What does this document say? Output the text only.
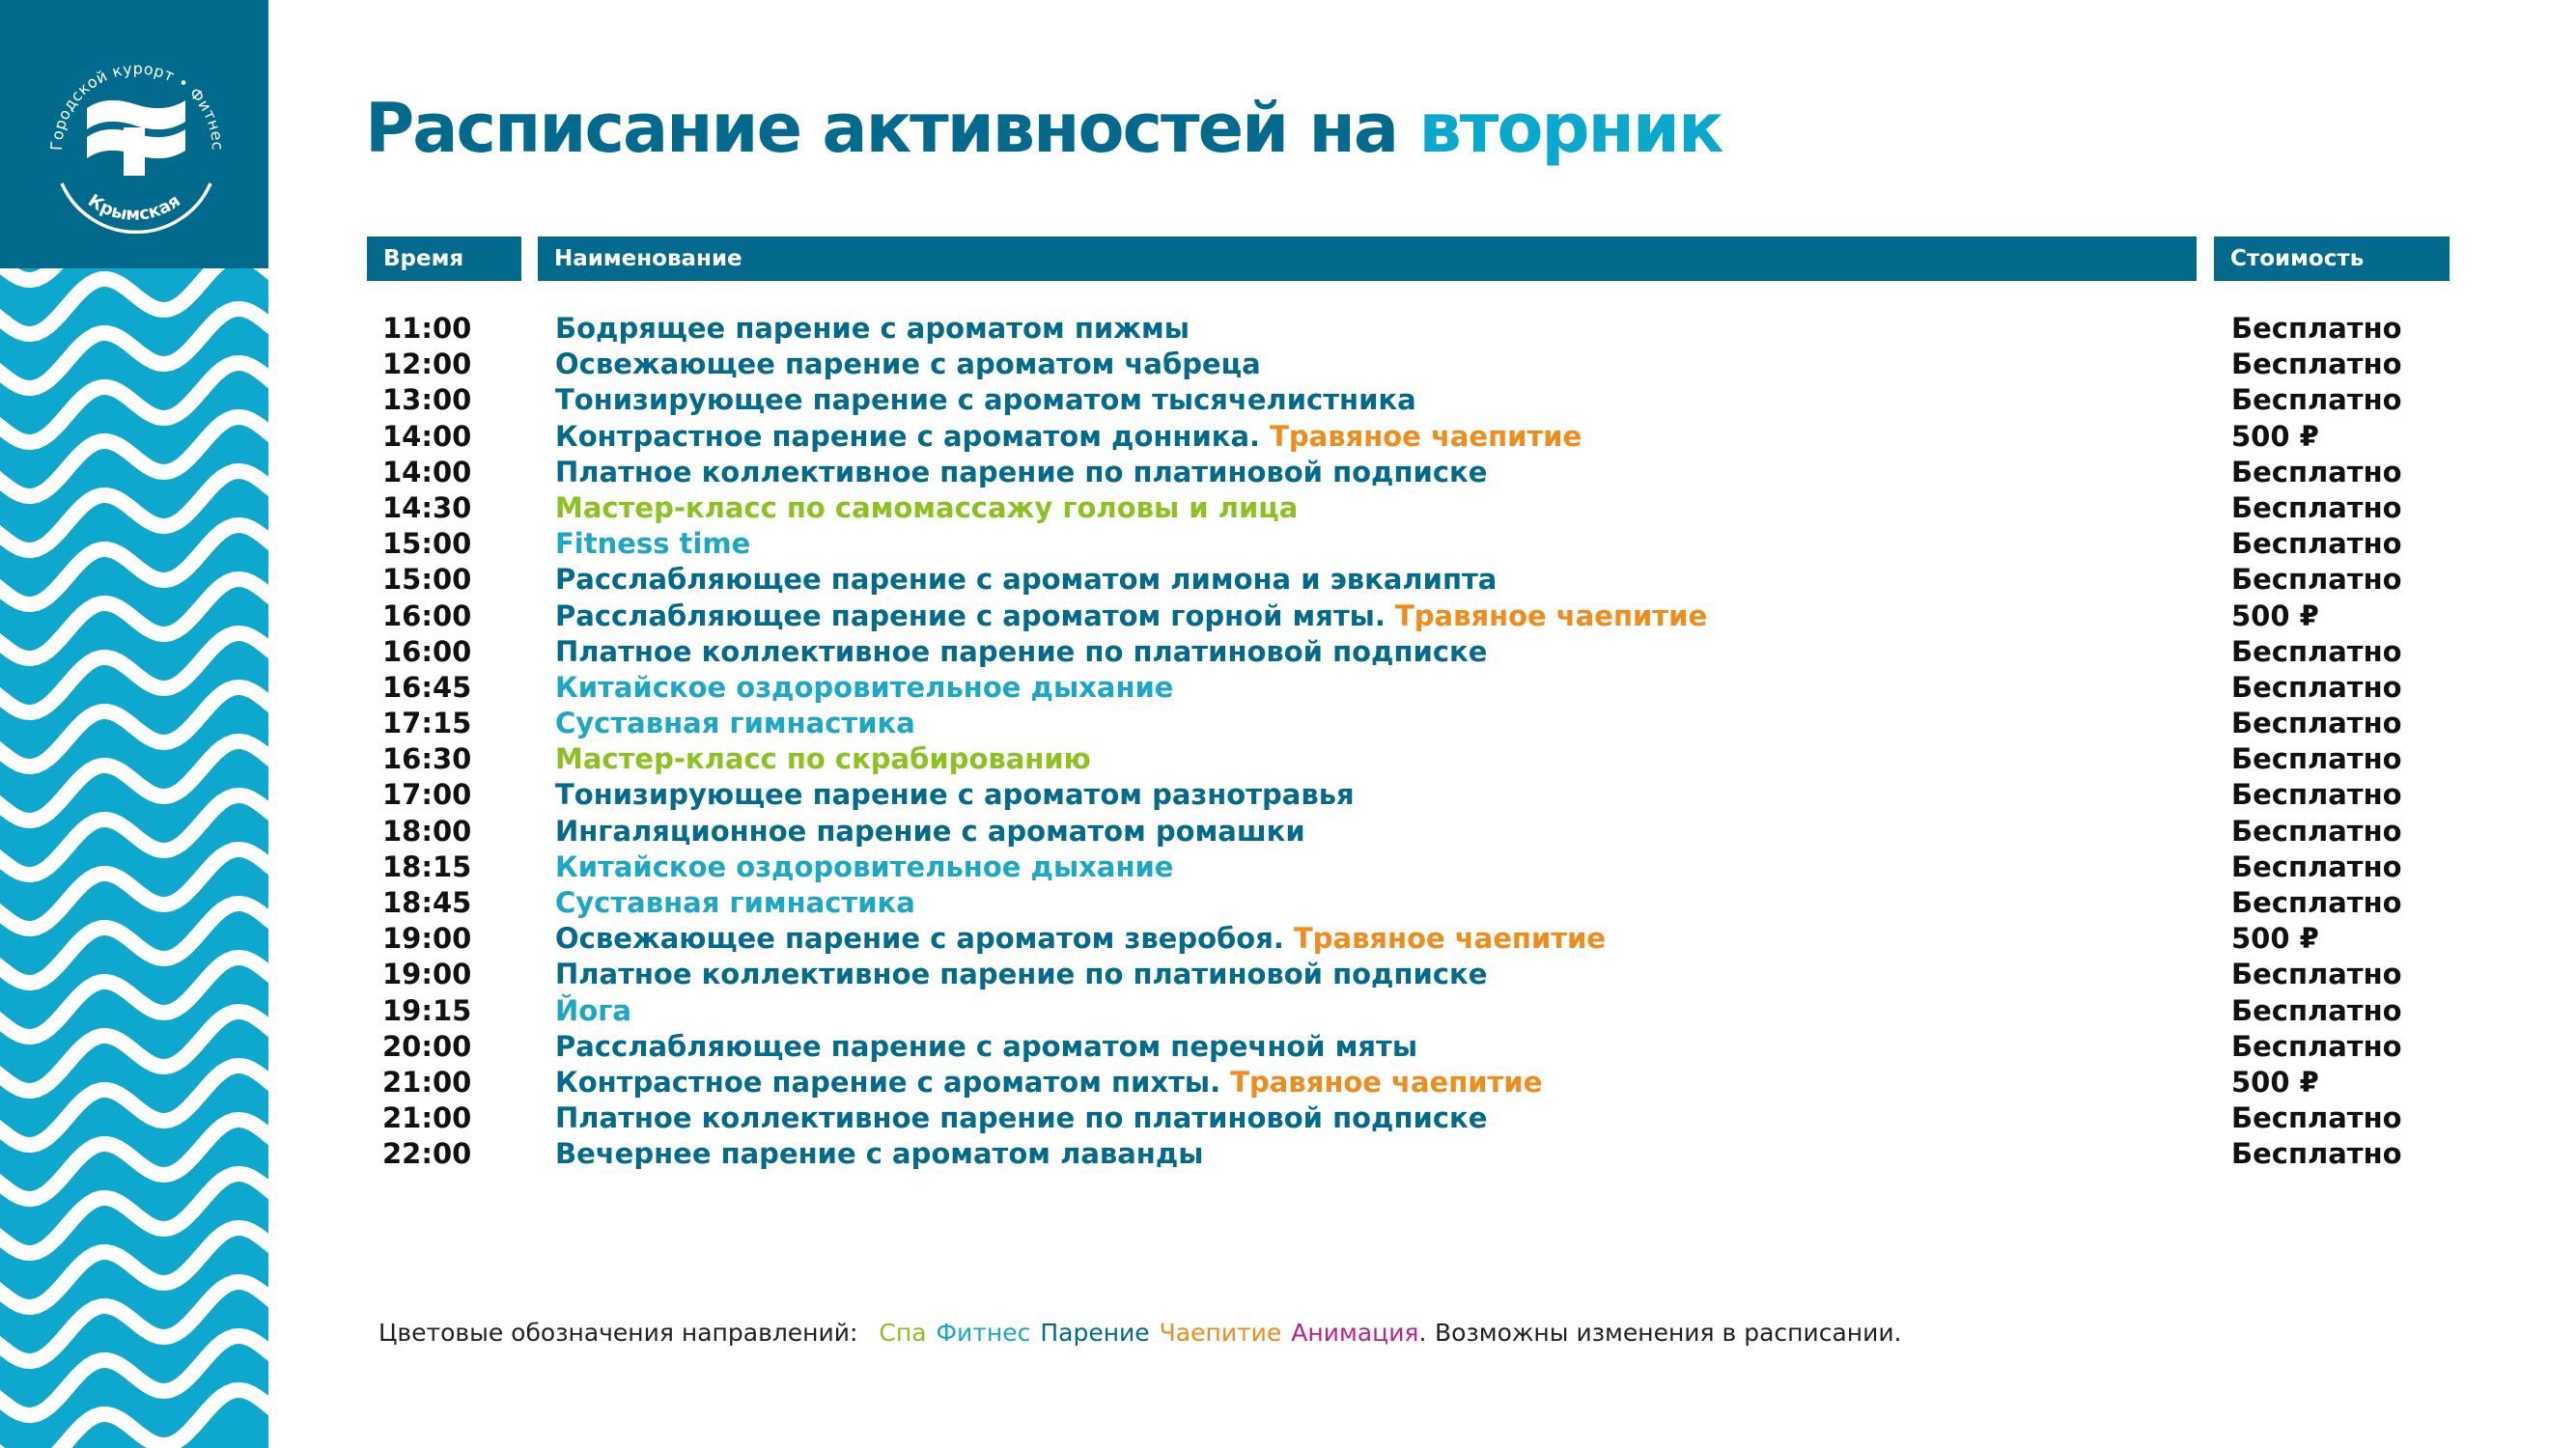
Городской курорт • Фитнес
Крымская
Расписание активностей на вторник
Время	Наименование	Стоимость
11:00	Бодрящее парение с ароматом пижмы	Бесплатно
12:00	Освежающее парение с ароматом чабреца	Бесплатно
13:00	Тонизирующее парение с ароматом тысячелистника	Бесплатно
14:00	Контрастное парение с ароматом донника. Травяное чаепитие	500 ₽
14:00	Платное коллективное парение по платиновой подписке	Бесплатно
14:30	Мастер-класс по самомассажу головы и лица	Бесплатно
15:00	Fitness time	Бесплатно
15:00	Расслабляющее парение с ароматом лимона и эвкалипта	Бесплатно
16:00	Расслабляющее парение с ароматом горной мяты. Травяное чаепитие	500 ₽
16:00	Платное коллективное парение по платиновой подписке	Бесплатно
16:45	Китайское оздоровительное дыхание	Бесплатно
17:15	Суставная гимнастика	Бесплатно
16:30	Мастер-класс по скрабированию	Бесплатно
17:00	Тонизирующее парение с ароматом разнотравья	Бесплатно
18:00	Ингаляционное парение с ароматом ромашки	Бесплатно
18:15	Китайское оздоровительное дыхание	Бесплатно
18:45	Суставная гимнастика	Бесплатно
19:00	Освежающее парение с ароматом зверобоя. Травяное чаепитие	500 ₽
19:00	Платное коллективное парение по платиновой подписке	Бесплатно
19:15	Йога	Бесплатно
20:00	Расслабляющее парение с ароматом перечной мяты	Бесплатно
21:00	Контрастное парение с ароматом пихты. Травяное чаепитие	500 ₽
21:00	Платное коллективное парение по платиновой подписке	Бесплатно
22:00	Вечернее парение с ароматом лаванды	Бесплатно
Цветовые обозначения направлений: Спа Фитнес Парение Чаепитие Анимация. Возможны изменения в расписании.
